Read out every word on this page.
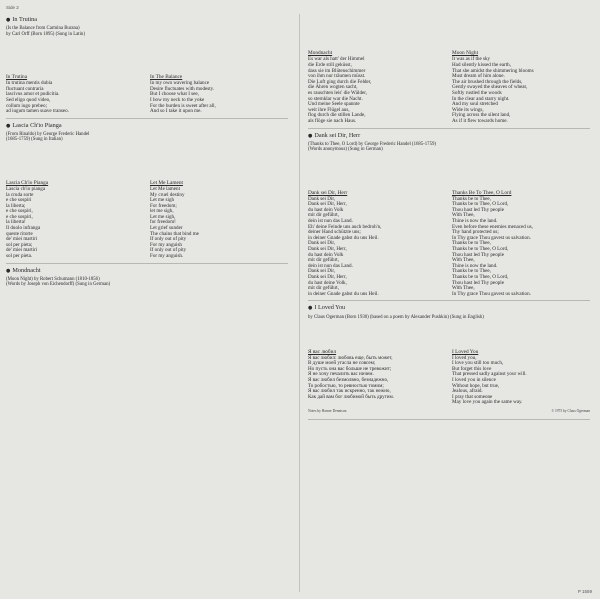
Side 2
● In Trutina
(Is the Balance from Carmina Burana)
by Carl Orff (Born 1895) (Sung in Latin)
In Trutina
In trutina mentis dubia
fluctuant contraria
lascivus amor et pudicitia.
Sed eligo quod video,
collum iugo prebeo;
ad iugum tamen suave transeo.
In The Balance
In my own wavering balance
Desire fluctuates with modesty.
But I choose what I see,
I bow my neck to the yoke
For the burden is sweet after all,
And so I take it upon me.
● Lascia Ch'io Pianga
(From Rinaldo) by George Frederic Handel
(1685-1759) (Sung in Italian)
Lascia Ch'io Pianga
Lascia ch'io pianga
la cruda sorte
e che sospiri
la liberta;
e che sospiri,
e che sospiri,
la liberta!
Il duolo infranga
queste ritorte
de' miei martiri
sol per pieta;
de' miei martiri
sol per pieta.
Let Me Lament
Let Me lament
My cruel destiny
Let me sigh
For freedom;
let me sigh,
Let me sigh,
for freedom!
Let grief sunder
The chains that bind me
If only out of pity
For my anguish
If only out of pity
For my anguish.
● Mondnacht
(Moon Night) by Robert Schumann (1810-1856)
(Words by Joseph von Eichendorff) (Sung in German)
Mondnacht
Es war als hatt' der Himmel
die Erde still geküsst,
dass sie im Blütenschimmer
von ihm nur träumen müsst.
Die Luft ging durch die Felder,
die Ähren wogten sacht,
es rauschten leis' die Wälder,
so sternklar war die Nacht.
Und meine Seele spannte
weit ihre Flügel aus,
flog durch die stillen Lande,
als flöge sie nach Haus.
Moon Night
It was as if the sky
Had silently kissed the earth,
That she amidst the shimmering blooms
Must dream of him alone.
The air brushed through the fields,
Gently swayed the sheaves of wheat,
Softly rustled the woods
In the clear and starry night.
And my soul stretched
Wide its wings,
Flying across the silent land,
As if it flew towards home.
● Dank sei Dir, Herr
(Thanks to Thee, O Lord) by George Frederic Handel (1685-1759)
(Words anonymous) (Sung in German)
Dank sei Dir, Herr
Dank sei Dir,
Dank sei Dir, Herr,
du hast dein Volk
mit dir geführt,
dein ist nun das Land.
Eh' deine Feinde uns auch bedroh'n,
deiner Hand schützte uns;
in deiner Gnade gabst du uns Heil.
Dank sei Dir,
Dank sei Dir, Herr,
du hast dein Volk
mit dir geführt,
dein ist nun das Land.
Dank sei Dir,
Dank sei Dir, Herr,
du hast deine Volk,
mit dir geführt,
in deiner Gnade gabst du uns Heil.
Thanks Be To Thee, O Lord
Thanks be to Thee,
Thanks be to Thee, O Lord,
Thou hast led Thy people
With Thee,
Thine is now the land.
Even before these enemies menaced us,
Thy hand protected us;
In Thy grace Thou gavest us salvation.
Thanks be to Thee,
Thanks be to Thee, O Lord,
Thou hast led Thy people
With Thee,
Thine is now the land.
Thanks be to Thee,
Thanks be to Thee, O Lord,
Thou hast led Thy people
With Thee,
In Thy grace Thou gavest us salvation.
● I Loved You
by Claus Ogerman (Born 1930) (based on a poem by Alexander Pushkin) (Sung in English)
Я вас любил
Я вас любил: любовь еще, быть может,
В душе моей угасла не совсем;
Но пусть она вас больше не тревожит;
Я не хочу печалить вас ничем.
Я вас любил безмолвно, безнадежно,
То робостью, то ревностью томим;
Я вас любил так искренно, так нежно,
Как дай вам бог любимой быть другим.
I Loved You
I loved you,
I love you still too much,
But forget this love
That pressed sadly against your will.
I loved you in silence
Without hope, but true,
Jealous, afraid.
I pray that someone
May love you again the same way.
Notes by Homer Dennison	© 1975 by Claus Ogerman
P 1559
